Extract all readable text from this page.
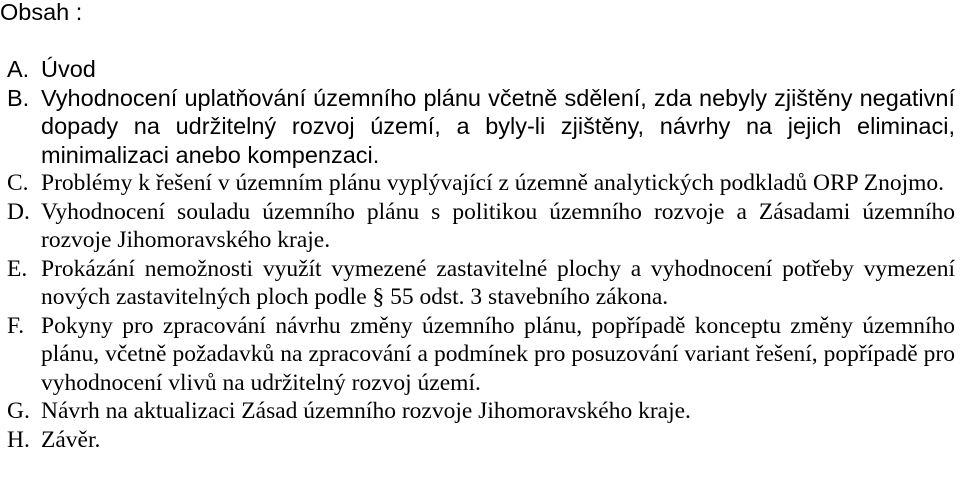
Obsah :
A. Úvod
B. Vyhodnocení uplatňování územního plánu včetně sdělení, zda nebyly zjištěny negativní dopady na udržitelný rozvoj území, a byly-li zjištěny, návrhy na jejich eliminaci, minimalizaci anebo kompenzaci.
C. Problémy k řešení v územním plánu vyplývající z územně analytických podkladů ORP Znojmo.
D. Vyhodnocení souladu územního plánu s politikou územního rozvoje a Zásadami územního rozvoje Jihomoravského kraje.
E. Prokázání nemožnosti využít vymezené zastavitelné plochy a vyhodnocení potřeby vymezení nových zastavitelných ploch podle § 55 odst. 3 stavebního zákona.
F. Pokyny pro zpracování návrhu změny územního plánu, popřípadě konceptu změny územního plánu, včetně požadavků na zpracování a podmínek pro posuzování variant řešení, popřípadě pro vyhodnocení vlivů na udržitelný rozvoj území.
G. Návrh na aktualizaci Zásad územního rozvoje Jihomoravského kraje.
H. Závěr.
